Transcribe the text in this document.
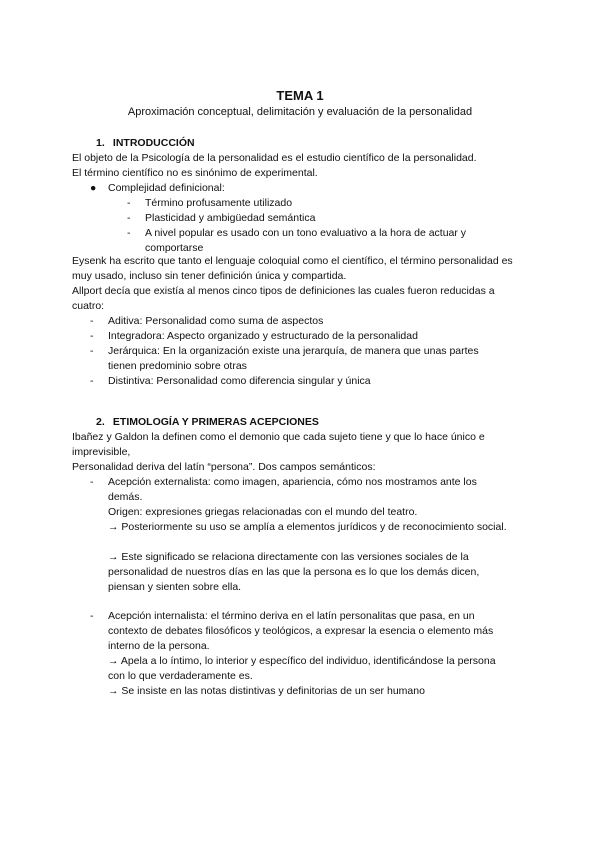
TEMA 1
Aproximación conceptual, delimitación y evaluación de la personalidad
1. INTRODUCCIÓN
El objeto de la Psicología de la personalidad es el estudio científico de la personalidad.
El término científico no es sinónimo de experimental.
● Complejidad definicional:
- Término profusamente utilizado
- Plasticidad y ambigüedad semántica
- A nivel popular es usado con un tono evaluativo a la hora de actuar y comportarse
Eysenk ha escrito que tanto el lenguaje coloquial como el científico, el término personalidad es muy usado, incluso sin tener definición única y compartida.
Allport decía que existía al menos cinco tipos de definiciones las cuales fueron reducidas a cuatro:
- Aditiva: Personalidad como suma de aspectos
- Integradora: Aspecto organizado y estructurado de la personalidad
- Jerárquica: En la organización existe una jerarquía, de manera que unas partes tienen predominio sobre otras
- Distintiva: Personalidad como diferencia singular y única
2. ETIMOLOGÍA Y PRIMERAS ACEPCIONES
Ibañez y Galdon la definen como el demonio que cada sujeto tiene y que lo hace único e imprevisible,
Personalidad deriva del latín “persona”. Dos campos semánticos:
- Acepción externalista: como imagen, apariencia, cómo nos mostramos ante los demás.
Origen: expresiones griegas relacionadas con el mundo del teatro.
→ Posteriormente su uso se amplía a elementos jurídicos y de reconocimiento social.
→ Este significado se relaciona directamente con las versiones sociales de la personalidad de nuestros días en las que la persona es lo que los demás dicen, piensan y sienten sobre ella.
- Acepción internalista: el término deriva en el latín personalitas que pasa, en un contexto de debates filosóficos y teológicos, a expresar la esencia o elemento más interno de la persona.
→ Apela a lo íntimo, lo interior y específico del individuo, identificándose la persona con lo que verdaderamente es.
→ Se insiste en las notas distintivas y definitorias de un ser humano
